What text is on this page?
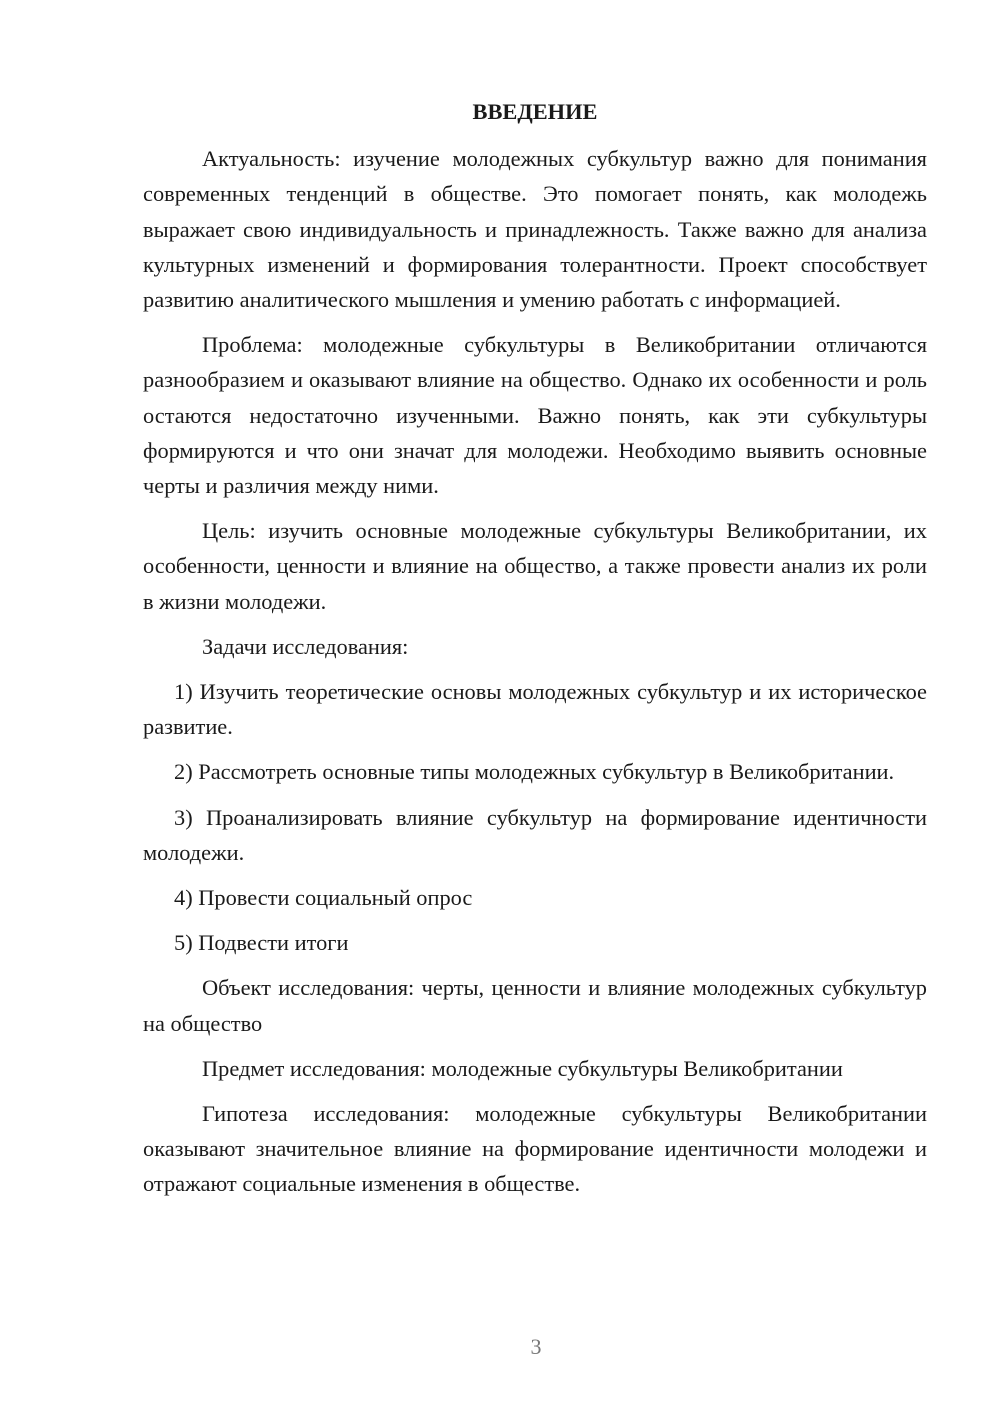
ВВЕДЕНИЕ

Актуальность: изучение молодежных субкультур важно для понимания современных тенденций в обществе. Это помогает понять, как молодежь выражает свою индивидуальность и принадлежность. Также важно для анализа культурных изменений и формирования толерантности. Проект способствует развитию аналитического мышления и умению работать с информацией.

Проблема: молодежные субкультуры в Великобритании отличаются разнообразием и оказывают влияние на общество. Однако их особенности и роль остаются недостаточно изученными. Важно понять, как эти субкультуры формируются и что они значат для молодежи. Необходимо выявить основные черты и различия между ними.

Цель: изучить основные молодежные субкультуры Великобритании, их особенности, ценности и влияние на общество, а также провести анализ их роли в жизни молодежи.

Задачи исследования:

1) Изучить теоретические основы молодежных субкультур и их историческое развитие.

2) Рассмотреть основные типы молодежных субкультур в Великобритании.

3) Проанализировать влияние субкультур на формирование идентичности молодежи.

4) Провести социальный опрос

5) Подвести итоги

Объект исследования: черты, ценности и влияние молодежных субкультур на общество

Предмет исследования: молодежные субкультуры Великобритании

Гипотеза исследования: молодежные субкультуры Великобритании оказывают значительное влияние на формирование идентичности молодежи и отражают социальные изменения в обществе.

3
